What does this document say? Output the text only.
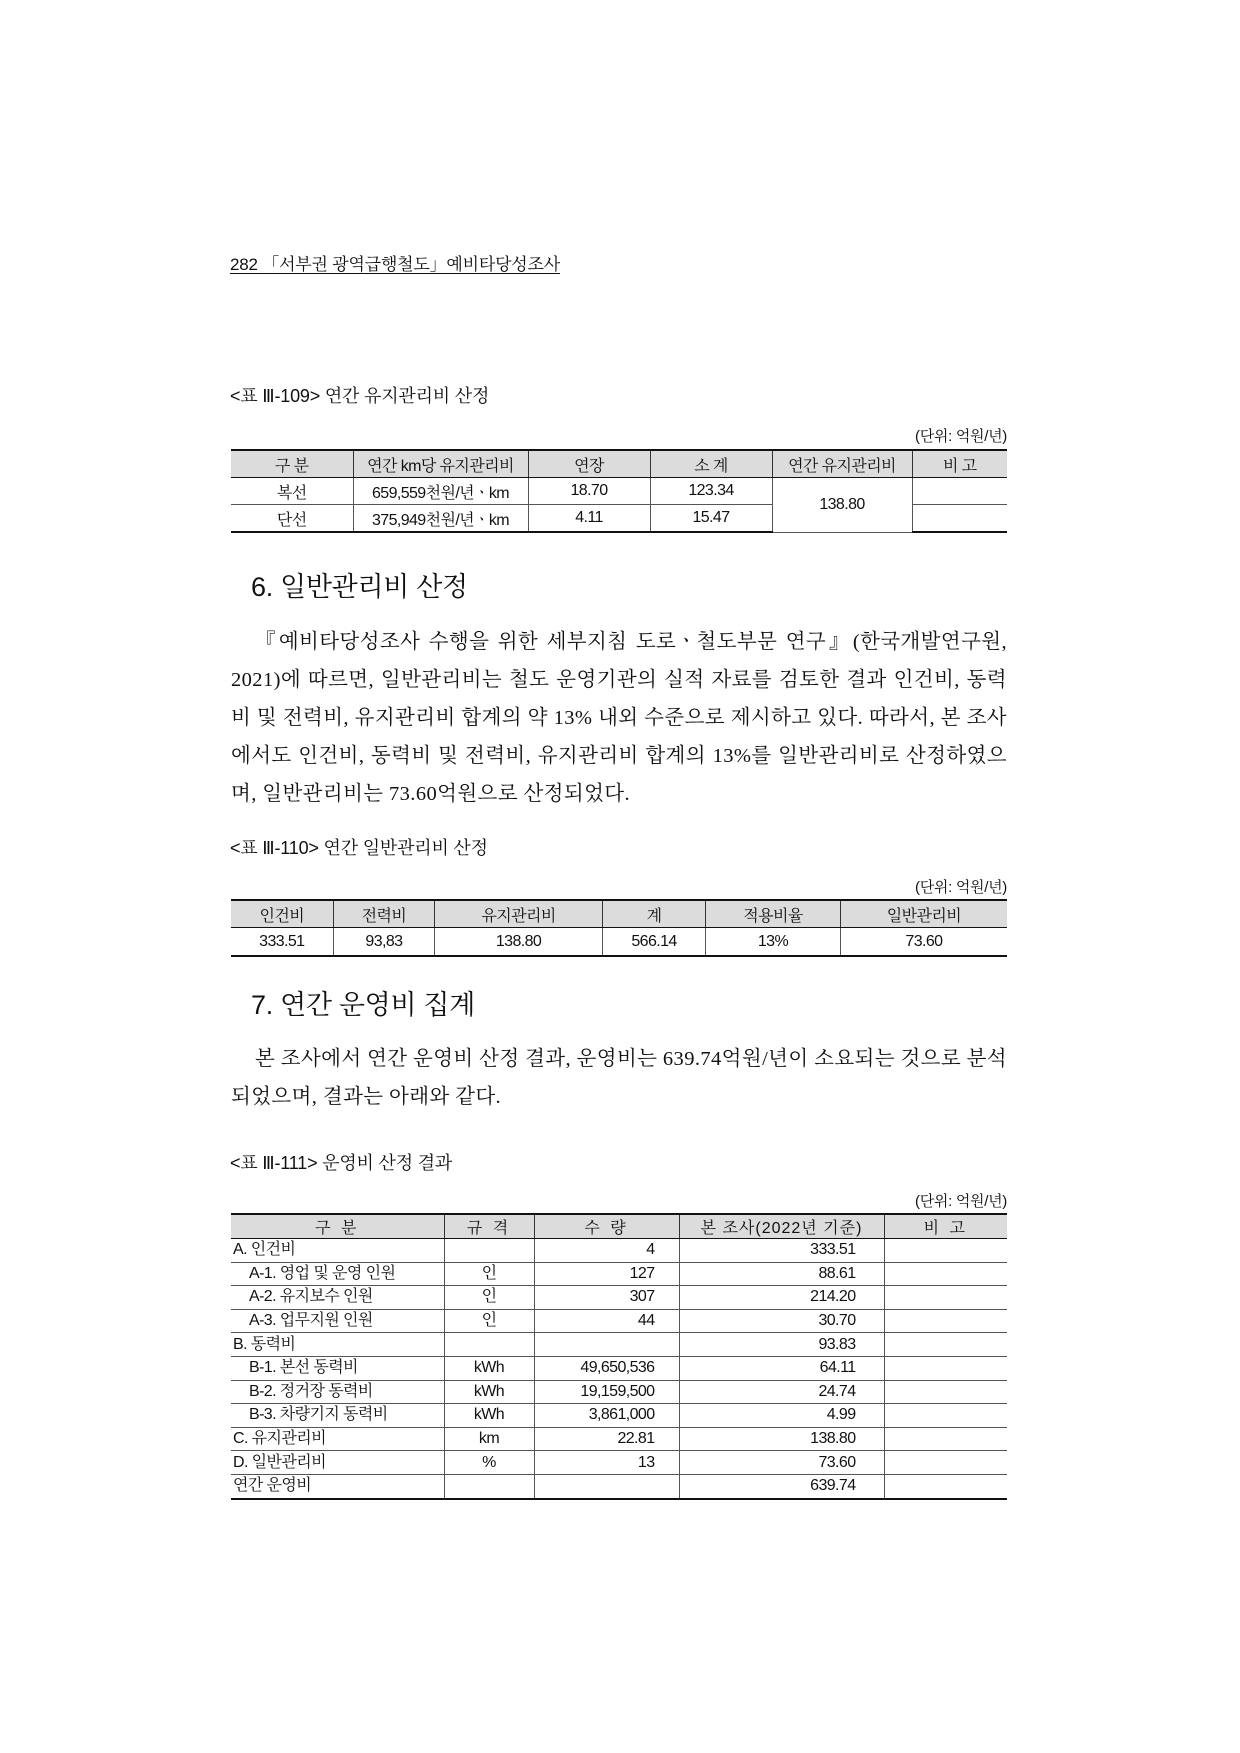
282 「서부권 광역급행철도」예비타당성조사
<표 Ⅲ-109> 연간 유지관리비 산정
(단위: 억원/년)
구 분	연간 km당 유지관리비	연장	소 계	연간 유지관리비	비 고
복선	659,559천원/년ㆍkm	18.70	123.34	138.80	
단선	375,949천원/년ㆍkm	4.11	15.47		
6. 일반관리비 산정

『예비타당성조사 수행을 위한 세부지침 도로ㆍ철도부문 연구』(한국개발연구원, 2021)에 따르면, 일반관리비는 철도 운영기관의 실적 자료를 검토한 결과 인건비, 동력비 및 전력비, 유지관리비 합계의 약 13% 내외 수준으로 제시하고 있다. 따라서, 본 조사에서도 인건비, 동력비 및 전력비, 유지관리비 합계의 13%를 일반관리비로 산정하였으며, 일반관리비는 73.60억원으로 산정되었다.

<표 Ⅲ-110> 연간 일반관리비 산정
(단위: 억원/년)
인건비	전력비	유지관리비	계	적용비율	일반관리비
333.51	93,83	138.80	566.14	13%	73.60
7. 연간 운영비 집계

본 조사에서 연간 운영비 산정 결과, 운영비는 639.74억원/년이 소요되는 것으로 분석되었으며, 결과는 아래와 같다.

<표 Ⅲ-111> 운영비 산정 결과
(단위: 억원/년)
구 분	규 격	수 량	본 조사(2022년 기준)	비 고
A. 인건비		4	333.51	
A-1. 영업 및 운영 인원	인	127	88.61	
A-2. 유지보수 인원	인	307	214.20	
A-3. 업무지원 인원	인	44	30.70	
B. 동력비			93.83	
B-1. 본선 동력비	kWh	49,650,536	64.11	
B-2. 정거장 동력비	kWh	19,159,500	24.74	
B-3. 차량기지 동력비	kWh	3,861,000	4.99	
C. 유지관리비	km	22.81	138.80	
D. 일반관리비	%	13	73.60	
연간 운영비			639.74	
